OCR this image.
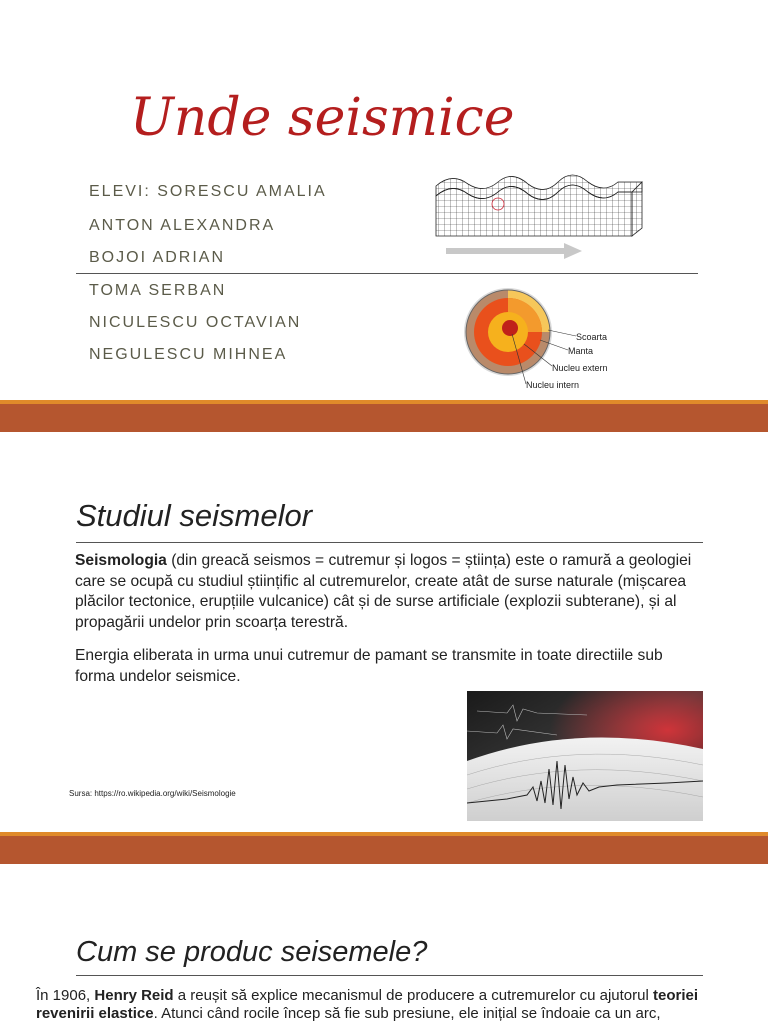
Unde seismice
ELEVI: SORESCU AMALIA
ANTON ALEXANDRA
BOJOI ADRIAN
TOMA SERBAN
NICULESCU OCTAVIAN
NEGULESCU MIHNEA
Scoarta
Manta
Nucleu extern
Nucleu intern
Studiul seismelor
Seismologia (din greacă seismos = cutremur și logos = știința) este o ramură a geologiei care se ocupă cu studiul științific al cutremurelor, create atât de surse naturale (mișcarea plăcilor tectonice, erupțiile vulcanice) cât și de surse artificiale (explozii subterane), și al propagării undelor prin scoarța terestră.
Energia eliberata in urma unui cutremur de pamant se transmite in toate directiile sub forma undelor seismice.
Sursa: https://ro.wikipedia.org/wiki/Seismologie
Cum se produc seisemele?
În 1906, Henry Reid a reușit să explice mecanismul de producere a cutremurelor cu ajutorul teoriei revenirii elastice. Atunci când rocile încep să fie sub presiune, ele inițial se îndoaie ca un arc,
